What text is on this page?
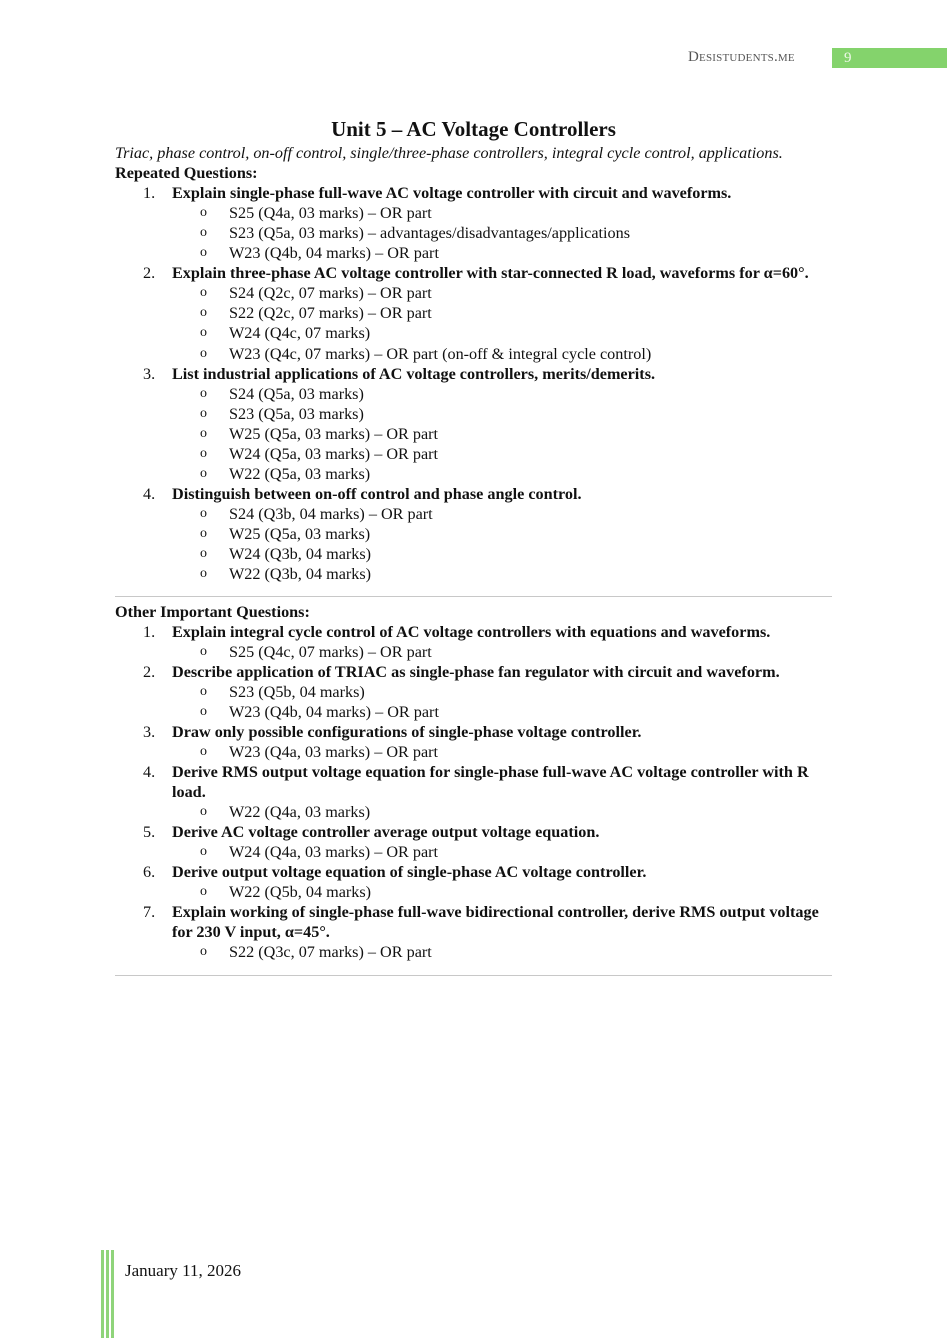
Desistudents.me	9
Unit 5 – AC Voltage Controllers

Triac, phase control, on-off control, single/three-phase controllers, integral cycle control, applications.

Repeated Questions:

1. Explain single-phase full-wave AC voltage controller with circuit and waveforms.
o S25 (Q4a, 03 marks) – OR part
o S23 (Q5a, 03 marks) – advantages/disadvantages/applications
o W23 (Q4b, 04 marks) – OR part
2. Explain three-phase AC voltage controller with star-connected R load, waveforms for α=60°.
o S24 (Q2c, 07 marks) – OR part
o S22 (Q2c, 07 marks) – OR part
o W24 (Q4c, 07 marks)
o W23 (Q4c, 07 marks) – OR part (on-off & integral cycle control)
3. List industrial applications of AC voltage controllers, merits/demerits.
o S24 (Q5a, 03 marks)
o S23 (Q5a, 03 marks)
o W25 (Q5a, 03 marks) – OR part
o W24 (Q5a, 03 marks) – OR part
o W22 (Q5a, 03 marks)
4. Distinguish between on-off control and phase angle control.
o S24 (Q3b, 04 marks) – OR part
o W25 (Q5a, 03 marks)
o W24 (Q3b, 04 marks)
o W22 (Q3b, 04 marks)

Other Important Questions:

1. Explain integral cycle control of AC voltage controllers with equations and waveforms.
o S25 (Q4c, 07 marks) – OR part
2. Describe application of TRIAC as single-phase fan regulator with circuit and waveform.
o S23 (Q5b, 04 marks)
o W23 (Q4b, 04 marks) – OR part
3. Draw only possible configurations of single-phase voltage controller.
o W23 (Q4a, 03 marks) – OR part
4. Derive RMS output voltage equation for single-phase full-wave AC voltage controller with R load.
o W22 (Q4a, 03 marks)
5. Derive AC voltage controller average output voltage equation.
o W24 (Q4a, 03 marks) – OR part
6. Derive output voltage equation of single-phase AC voltage controller.
o W22 (Q5b, 04 marks)
7. Explain working of single-phase full-wave bidirectional controller, derive RMS output voltage for 230 V input, α=45°.
o S22 (Q3c, 07 marks) – OR part
January 11, 2026
